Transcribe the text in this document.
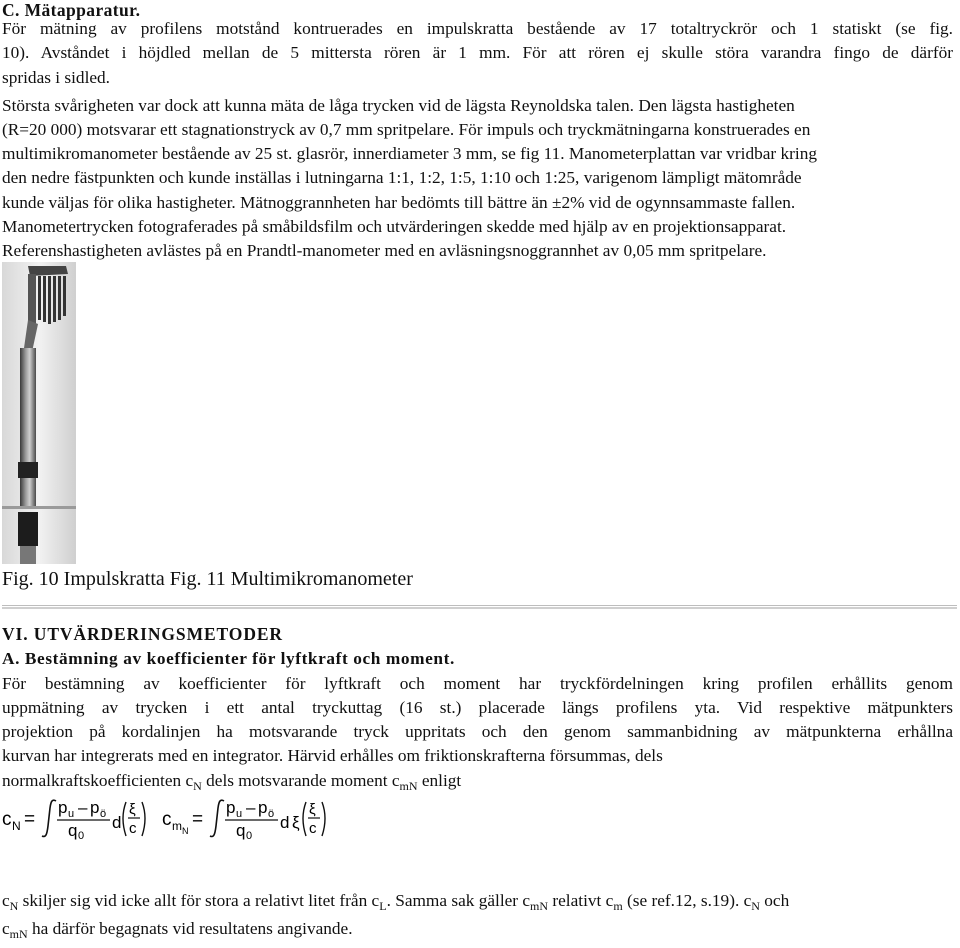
C. Mätapparatur.
För mätning av profilens motstånd kontruerades en impulskratta bestående av 17 totaltryckrör och 1 statiskt (se fig.
10). Avståndet i höjdled mellan de 5 mittersta rören är 1 mm. För att rören ej skulle störa varandra fingo de därför
spridas i sidled.
Största svårigheten var dock att kunna mäta de låga trycken vid de lägsta Reynoldska talen. Den lägsta hastigheten
(R=20 000) motsvarar ett stagnationstryck av 0,7 mm spritpelare. För impuls och tryckmätningarna konstruerades en
multimikromanometer bestående av 25 st. glasrör, innerdiameter 3 mm, se fig 11. Manometerplattan var vridbar kring
den nedre fästpunkten och kunde inställas i lutningarna 1:1, 1:2, 1:5, 1:10 och 1:25, varigenom lämpligt mätområde
kunde väljas för olika hastigheter. Mätnoggrannheten har bedömts till bättre än ±2% vid de ogynnsammaste fallen.
Manometertrycken fotograferades på småbildsfilm och utvärderingen skedde med hjälp av en projektionsapparat.
Referenshastigheten avlästes på en Prandtl-manometer med en avläsningsnoggrannhet av 0,05 mm spritpelare.
Fig. 10 Impulskratta Fig. 11 Multimikromanometer
VI. UTVÄRDERINGSMETODER
A. Bestämning av koefficienter för lyftkraft och moment.
För bestämning av koefficienter för lyftkraft och moment har tryckfördelningen kring profilen erhållits genom
uppmätning av trycken i ett antal tryckuttag (16 st.) placerade längs profilens yta. Vid respektive mätpunkters
projektion på kordalinjen ha motsvarande tryck uppritats och den genom sammanbidning av mätpunkterna erhållna
kurvan har integrerats med en integrator. Härvid erhålles om friktionskrafterna försummas, dels
normalkraftskoefficienten $c_N$ dels motsvarande moment $c_{mN}$ enligt
c N =
p u – p ö
q 0
d
ξ
c c m N
=
p u – p ö
q 0
d ξ
ξ
c
$c_N$ skiljer sig vid icke allt för stora a relativt litet från $c_L$. Samma sak gäller $c_{mN}$ relativt $c_m$ (se ref.12, s.19). $c_N$ och
$c_{mN}$ ha därför begagnats vid resultatens angivande.
